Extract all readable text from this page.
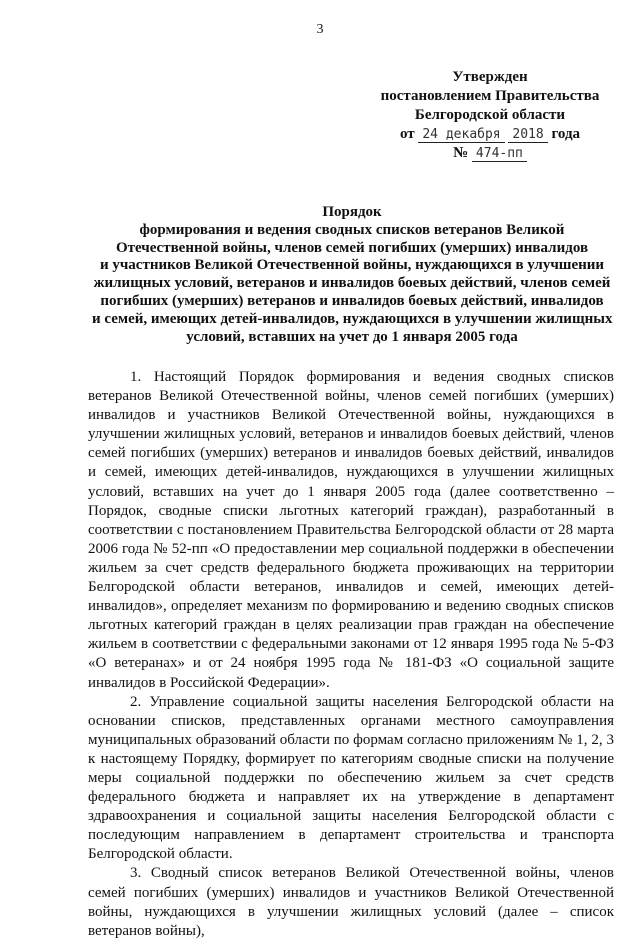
3
Утвержден
постановлением Правительства
Белгородской области
от 24 декабря 2018 года
№ 474-пп
Порядок
формирования и ведения сводных списков ветеранов Великой
Отечественной войны, членов семей погибших (умерших) инвалидов
и участников Великой Отечественной войны, нуждающихся в улучшении
жилищных условий, ветеранов и инвалидов боевых действий, членов семей
погибших (умерших) ветеранов и инвалидов боевых действий, инвалидов
и семей, имеющих детей-инвалидов, нуждающихся в улучшении жилищных
условий, вставших на учет до 1 января 2005 года

1. Настоящий Порядок формирования и ведения сводных списков ветеранов Великой Отечественной войны, членов семей погибших (умерших) инвалидов и участников Великой Отечественной войны, нуждающихся в улучшении жилищных условий, ветеранов и инвалидов боевых действий, членов семей погибших (умерших) ветеранов и инвалидов боевых действий, инвалидов и семей, имеющих детей-инвалидов, нуждающихся в улучшении жилищных условий, вставших на учет до 1 января 2005 года (далее соответственно – Порядок, сводные списки льготных категорий граждан), разработанный в соответствии с постановлением Правительства Белгородской области от 28 марта 2006 года № 52-пп «О предоставлении мер социальной поддержки в обеспечении жильем за счет средств федерального бюджета проживающих на территории Белгородской области ветеранов, инвалидов и семей, имеющих детей-инвалидов», определяет механизм по формированию и ведению сводных списков льготных категорий граждан в целях реализации прав граждан на обеспечение жильем в соответствии с федеральными законами от 12 января 1995 года № 5-ФЗ «О ветеранах» и от 24 ноября 1995 года № 181-ФЗ «О социальной защите инвалидов в Российской Федерации».

2. Управление социальной защиты населения Белгородской области на основании списков, представленных органами местного самоуправления муниципальных образований области по формам согласно приложениям № 1, 2, 3 к настоящему Порядку, формирует по категориям сводные списки на получение меры социальной поддержки по обеспечению жильем за счет средств федерального бюджета и направляет их на утверждение в департамент здравоохранения и социальной защиты населения Белгородской области с последующим направлением в департамент строительства и транспорта Белгородской области.

3. Сводный список ветеранов Великой Отечественной войны, членов семей погибших (умерших) инвалидов и участников Великой Отечественной войны, нуждающихся в улучшении жилищных условий (далее – список ветеранов войны),
